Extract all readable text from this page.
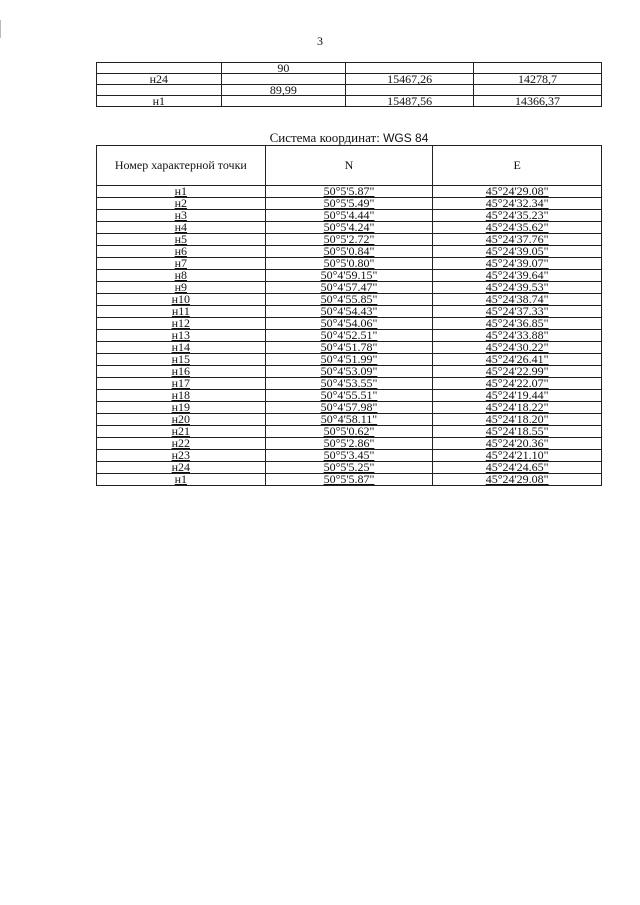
3
	90		
н24		15467,26	14278,7
	89,99		
н1		15487,56	14366,37
Система координат: WGS 84
Номер характерной точки	N	E
н1	50°5'5.87"	45°24'29.08"
н2	50°5'5.49"	45°24'32.34"
н3	50°5'4.44"	45°24'35.23"
н4	50°5'4.24"	45°24'35.62"
н5	50°5'2.72"	45°24'37.76"
н6	50°5'0.84"	45°24'39.05"
н7	50°5'0.80"	45°24'39.07"
н8	50°4'59.15"	45°24'39.64"
н9	50°4'57.47"	45°24'39.53"
н10	50°4'55.85"	45°24'38.74"
н11	50°4'54.43"	45°24'37.33"
н12	50°4'54.06"	45°24'36.85"
н13	50°4'52.51"	45°24'33.88"
н14	50°4'51.78"	45°24'30.22"
н15	50°4'51.99"	45°24'26.41"
н16	50°4'53.09"	45°24'22.99"
н17	50°4'53.55"	45°24'22.07"
н18	50°4'55.51"	45°24'19.44"
н19	50°4'57.98"	45°24'18.22"
н20	50°4'58.11"	45°24'18.20"
н21	50°5'0.62"	45°24'18.55"
н22	50°5'2.86"	45°24'20.36"
н23	50°5'3.45"	45°24'21.10"
н24	50°5'5.25"	45°24'24.65"
н1	50°5'5.87"	45°24'29.08"
